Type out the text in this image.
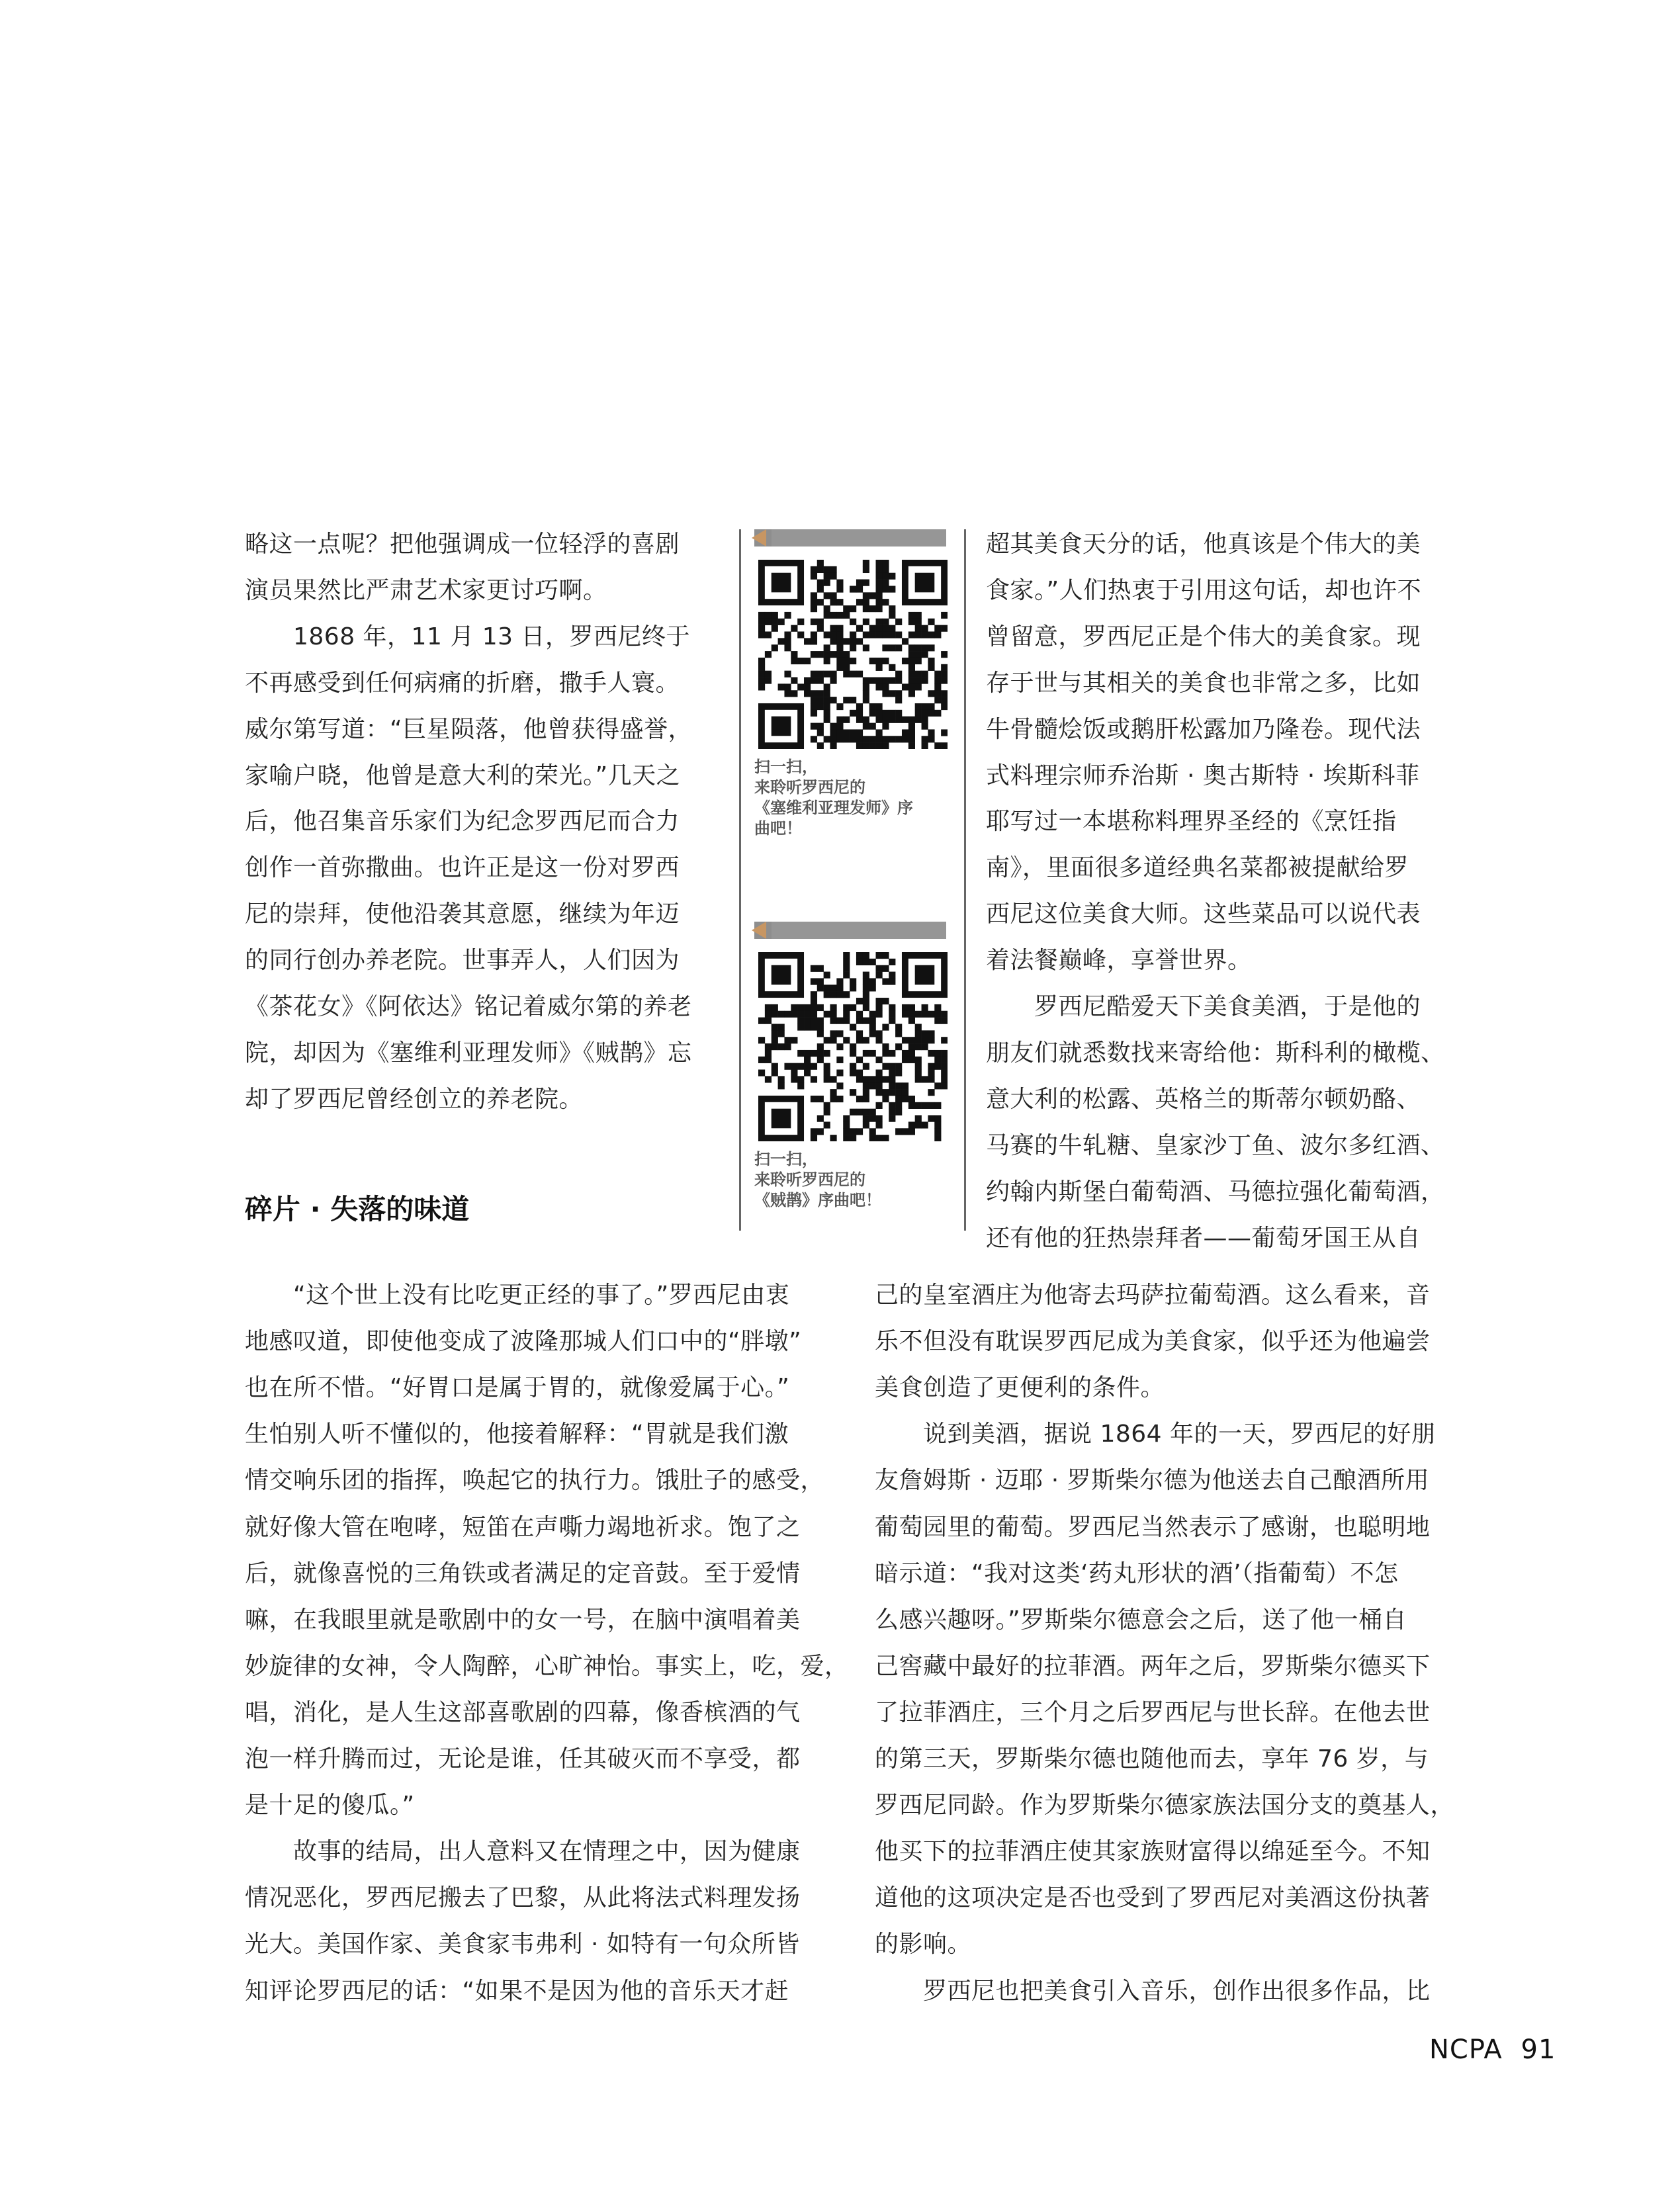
略这一点呢？把他强调成一位轻浮的喜剧
演员果然比严肃艺术家更讨巧啊。
　　1868 年，11 月 13 日，罗西尼终于
不再感受到任何病痛的折磨，撒手人寰。
威尔第写道：“巨星陨落，他曾获得盛誉，
家喻户晓，他曾是意大利的荣光。”几天之
后，他召集音乐家们为纪念罗西尼而合力
创作一首弥撒曲。也许正是这一份对罗西
尼的崇拜，使他沿袭其意愿，继续为年迈
的同行创办养老院。世事弄人，人们因为
《茶花女》《阿依达》铭记着威尔第的养老
院，却因为《塞维利亚理发师》《贼鹊》忘
却了罗西尼曾经创立的养老院。
碎片 · 失落的味道
　　“这个世上没有比吃更正经的事了。”罗西尼由衷
地感叹道，即使他变成了波隆那城人们口中的“胖墩”
也在所不惜。“好胃口是属于胃的，就像爱属于心。”
生怕别人听不懂似的，他接着解释：“胃就是我们激
情交响乐团的指挥，唤起它的执行力。饿肚子的感受，
就好像大管在咆哮，短笛在声嘶力竭地祈求。饱了之
后，就像喜悦的三角铁或者满足的定音鼓。至于爱情
嘛，在我眼里就是歌剧中的女一号，在脑中演唱着美
妙旋律的女神，令人陶醉，心旷神怡。事实上，吃，爱，
唱，消化，是人生这部喜歌剧的四幕，像香槟酒的气
泡一样升腾而过，无论是谁，任其破灭而不享受，都
是十足的傻瓜。”
　　故事的结局，出人意料又在情理之中，因为健康
情况恶化，罗西尼搬去了巴黎，从此将法式料理发扬
光大。美国作家、美食家韦弗利 · 如特有一句众所皆
知评论罗西尼的话：“如果不是因为他的音乐天才赶
超其美食天分的话，他真该是个伟大的美
食家。”人们热衷于引用这句话，却也许不
曾留意，罗西尼正是个伟大的美食家。现
存于世与其相关的美食也非常之多，比如
牛骨髓烩饭或鹅肝松露加乃隆卷。现代法
式料理宗师乔治斯 · 奥古斯特 · 埃斯科菲
耶写过一本堪称料理界圣经的《烹饪指
南》，里面很多道经典名菜都被提献给罗
西尼这位美食大师。这些菜品可以说代表
着法餐巅峰，享誉世界。
　　罗西尼酷爱天下美食美酒，于是他的
朋友们就悉数找来寄给他：斯科利的橄榄、
意大利的松露、英格兰的斯蒂尔顿奶酪、
马赛的牛轧糖、皇家沙丁鱼、波尔多红酒、
约翰内斯堡白葡萄酒、马德拉强化葡萄酒，
还有他的狂热崇拜者——葡萄牙国王从自
己的皇室酒庄为他寄去玛萨拉葡萄酒。这么看来，音
乐不但没有耽误罗西尼成为美食家，似乎还为他遍尝
美食创造了更便利的条件。
　　说到美酒，据说 1864 年的一天，罗西尼的好朋
友詹姆斯 · 迈耶 · 罗斯柴尔德为他送去自己酿酒所用
葡萄园里的葡萄。罗西尼当然表示了感谢，也聪明地
暗示道：“我对这类‘药丸形状的酒’（指葡萄）不怎
么感兴趣呀。”罗斯柴尔德意会之后，送了他一桶自
己窖藏中最好的拉菲酒。两年之后，罗斯柴尔德买下
了拉菲酒庄，三个月之后罗西尼与世长辞。在他去世
的第三天，罗斯柴尔德也随他而去，享年 76 岁，与
罗西尼同龄。作为罗斯柴尔德家族法国分支的奠基人，
他买下的拉菲酒庄使其家族财富得以绵延至今。不知
道他的这项决定是否也受到了罗西尼对美酒这份执著
的影响。
　　罗西尼也把美食引入音乐，创作出很多作品，比
扫一扫，
来聆听罗西尼的
《塞维利亚理发师》序
曲吧！
扫一扫，
来聆听罗西尼的
《贼鹊》序曲吧！
NCPA 91
